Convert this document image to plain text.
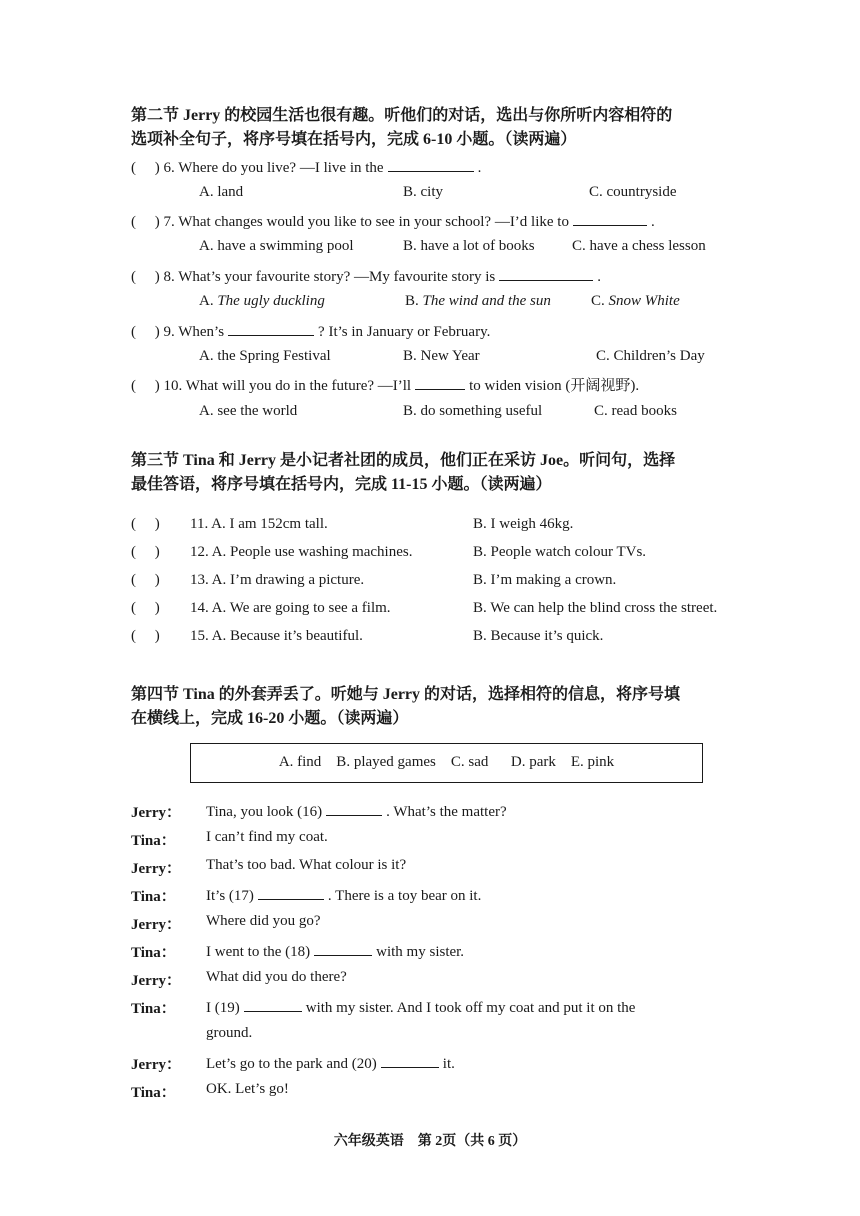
第二节 Jerry 的校园生活也很有趣。听他们的对话，选出与你所听内容相符的
选项补全句子，将序号填在括号内，完成 6-10 小题。（读两遍）
(     ) 6. Where do you live? —I live in the	.
A. land	B. city	C. countryside
(     ) 7. What changes would you like to see in your school? —I’d like to	.
A. have a swimming pool	B. have a lot of books C. have a chess lesson
(     ) 8. What’s your favourite story? —My favourite story is	.
A. The ugly duckling	B. The wind and the sun	C. Snow White
(     ) 9. When’s	? It’s in January or February.
A. the Spring Festival	B. New Year	C. Children’s Day
(     ) 10. What will you do in the future? —I’ll	to widen vision (开阔视野).
A. see the world	B. do something useful	C. read books
第三节 Tina 和 Jerry 是小记者社团的成员，他们正在采访 Joe。听问句，选择
最佳答语，将序号填在括号内，完成 11-15 小题。（读两遍）
(     ) 11. A. I am 152cm tall.	B. I weigh 46kg.
(     ) 12. A. People use washing machines.	B. People watch colour TVs.
(     ) 13. A. I’m drawing a picture.	B. I’m making a crown.
(     ) 14. A. We are going to see a film.	B. We can help the blind cross the street.
(     ) 15. A. Because it’s beautiful.	B. Because it’s quick.
第四节 Tina 的外套弄丢了。听她与 Jerry 的对话，选择相符的信息，将序号填
在横线上，完成 16-20 小题。（读两遍）
A. find    B. played games    C. sad      D. park    E. pink
Jerry： Tina, you look (16)	. What’s the matter?
Tina： I can’t find my coat.
Jerry： That’s too bad. What colour is it?
Tina： It’s (17)	. There is a toy bear on it.
Jerry： Where did you go?
Tina： I went to the (18)	with my sister.
Jerry： What did you do there?
Tina： I (19)	with my sister. And I took off my coat and put it on the
ground.
Jerry： Let’s go to the park and (20)	it.
Tina： OK. Let’s go!
六年级英语    第 2页（共 6 页）
